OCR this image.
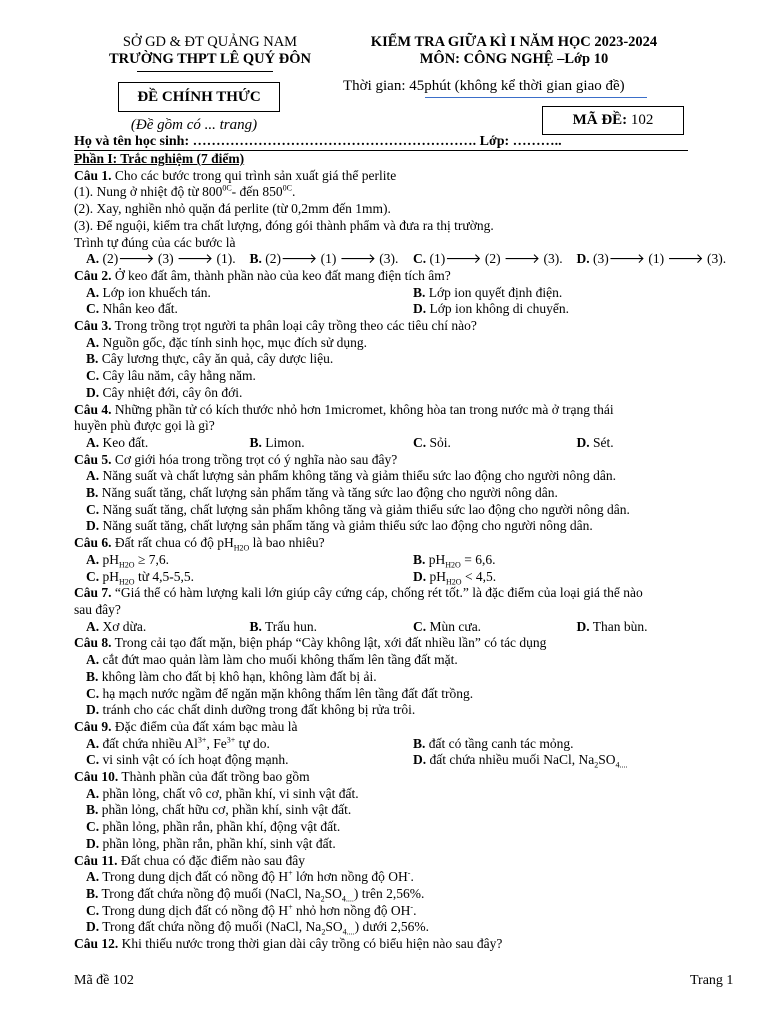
SỞ GD & ĐT QUẢNG NAM
TRƯỜNG THPT LÊ QUÝ ĐÔN
KIỂM TRA GIỮA KÌ I NĂM HỌC 2023-2024
MÔN: CÔNG NGHỆ –Lớp 10
Thời gian: 45phút (không kể thời gian giao đề)
ĐỀ CHÍNH THỨC
(Đề gồm có ... trang)	MÃ ĐỀ: 102
Họ và tên học sinh: ……………………………………………………. Lớp: ………..
Phần I: Trắc nghiệm (7 điểm)
Câu 1. Cho các bước trong qui trình sản xuất giá thể perlite
(1). Nung ở nhiệt độ từ $800^{0C}-$ đến $850^{0C}$.
(2). Xay, nghiền nhỏ quặn đá perlite (từ 0,2mm đến 1mm).
(3). Để nguội, kiểm tra chất lượng, đóng gói thành phẩm và đưa ra thị trường.
Trình tự đúng của các bước là
A. (2)🡒 (3) 🡒 (1).	B. (2)🡒 (1) 🡒 (3).	C. (1)🡒 (2) 🡒 (3).	D. (3)🡒 (1) 🡒 (3).
Câu 2. Ở keo đất âm, thành phần nào của keo đất mang điện tích âm?
A. Lớp ion khuếch tán.	B. Lớp ion quyết định điện.
C. Nhân keo đất.	D. Lớp ion không di chuyển.
Câu 3. Trong trồng trọt người ta phân loại cây trồng theo các tiêu chí nào?
A. Nguồn gốc, đặc tính sinh học, mục đích sử dụng.
B. Cây lương thực, cây ăn quả, cây dược liệu.
C. Cây lâu năm, cây hằng năm.
D. Cây nhiệt đới, cây ôn đới.
Câu 4. Những phần tử có kích thước nhỏ hơn 1micromet, không hòa tan trong nước mà ở trạng thái
huyền phù được gọi là gì?
A. Keo đất.	B. Limon.	C. Sỏi.	D. Sét.
Câu 5. Cơ giới hóa trong trồng trọt có ý nghĩa nào sau đây?
A. Năng suất và chất lượng sản phẩm không tăng và giảm thiểu sức lao động cho người nông dân.
B. Năng suất tăng, chất lượng sản phẩm tăng và tăng sức lao động cho người nông dân.
C. Năng suất tăng, chất lượng sản phẩm không tăng và giảm thiểu sức lao động cho người nông dân.
D. Năng suất tăng, chất lượng sản phẩm tăng và giảm thiểu sức lao động cho người nông dân.
Câu 6. Đất rất chua có độ $pH_{H2O}$ là bao nhiêu?
A. $pH_{H2O} \ge 7,6$.	B. $pH_{H2O} = 6,6$.
C. $pH_{H2O}$ từ 4,5-5,5.	D. $pH_{H2O} < 4,5$.
Câu 7. “Giá thể có hàm lượng kali lớn giúp cây cứng cáp, chống rét tốt.” là đặc điểm của loại giá thể nào
sau đây?
A. Xơ dừa.	B. Trấu hun.	C. Mùn cưa.	D. Than bùn.
Câu 8. Trong cải tạo đất mặn, biện pháp “Cày không lật, xới đất nhiều lần” có tác dụng
A. cắt đứt mao quản làm làm cho muối không thấm lên tầng đất mặt.
B. không làm cho đất bị khô hạn, không làm đất bị ải.
C. hạ mạch nước ngầm để ngăn mặn không thấm lên tầng đất đất trồng.
D. tránh cho các chất dinh dưỡng trong đất không bị rửa trôi.
Câu 9. Đặc điểm của đất xám bạc màu là
A. đất chứa nhiều $Al^{3+}$, $Fe^{3+}$ tự do.	B. đất có tầng canh tác mỏng.
C. vi sinh vật có ích hoạt động mạnh.	D. đất chứa nhiều muối NaCl, $Na_2SO_{4....}$
Câu 10. Thành phần của đất trồng bao gồm
A. phần lỏng, chất vô cơ, phần khí, vi sinh vật đất.
B. phần lỏng, chất hữu cơ, phần khí, sinh vật đất.
C. phần lỏng, phần rắn, phần khí, động vật đất.
D. phần lỏng, phần rắn, phần khí, sinh vật đất.
Câu 11. Đất chua có đặc điểm nào sau đây
A. Trong dung dịch đất có nồng độ H+ lớn hơn nồng độ OH-.
B. Trong đất chứa nồng độ muối (NaCl, $Na_2SO_{4....}$) trên 2,56%.
C. Trong dung dịch đất có nồng độ H+ nhỏ hơn nồng độ OH-.
D. Trong đất chứa nồng độ muối (NaCl, $Na_2SO_{4....}$) dưới 2,56%.
Câu 12. Khi thiếu nước trong thời gian dài cây trồng có biểu hiện nào sau đây?
Mã đề 102	Trang 1
